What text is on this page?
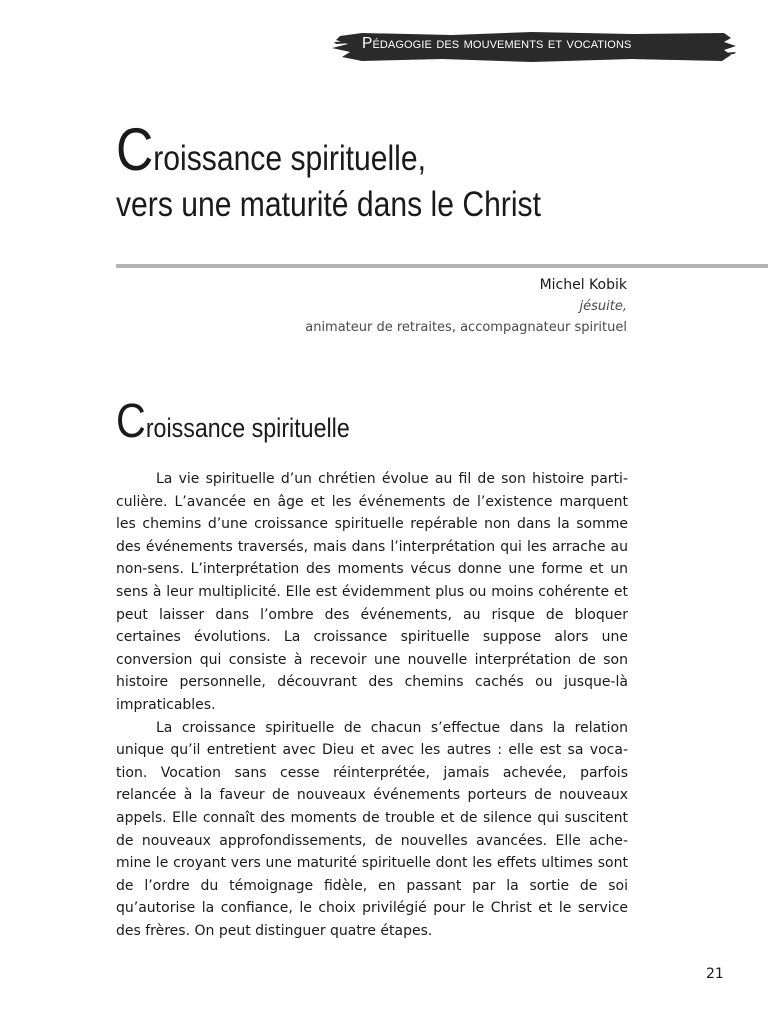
Pédagogie des mouvements et vocations
Croissance spirituelle,
vers une maturité dans le Christ
Michel Kobik
jésuite,
animateur de retraites, accompagnateur spirituel
Croissance spirituelle

La vie spirituelle d’un chrétien évolue au fil de son histoire particulière. L’avancée en âge et les événements de l’existence marquent les chemins d’une croissance spirituelle repérable non dans la somme des événements traversés, mais dans l’interprétation qui les arrache au non-sens. L’interprétation des moments vécus donne une forme et un sens à leur multiplicité. Elle est évidemment plus ou moins cohérente et peut laisser dans l’ombre des événements, au risque de bloquer certaines évolutions. La croissance spirituelle suppose alors une conversion qui consiste à recevoir une nouvelle interprétation de son histoire personnelle, découvrant des chemins cachés ou jusque-là impraticables.

La croissance spirituelle de chacun s’effectue dans la relation unique qu’il entretient avec Dieu et avec les autres : elle est sa vocation. Vocation sans cesse réinterprétée, jamais achevée, parfois relancée à la faveur de nouveaux événements porteurs de nouveaux appels. Elle connaît des moments de trouble et de silence qui suscitent de nouveaux approfondissements, de nouvelles avancées. Elle achemine le croyant vers une maturité spirituelle dont les effets ultimes sont de l’ordre du témoignage fidèle, en passant par la sortie de soi qu’autorise la confiance, le choix privilégié pour le Christ et le service des frères. On peut distinguer quatre étapes.

21
